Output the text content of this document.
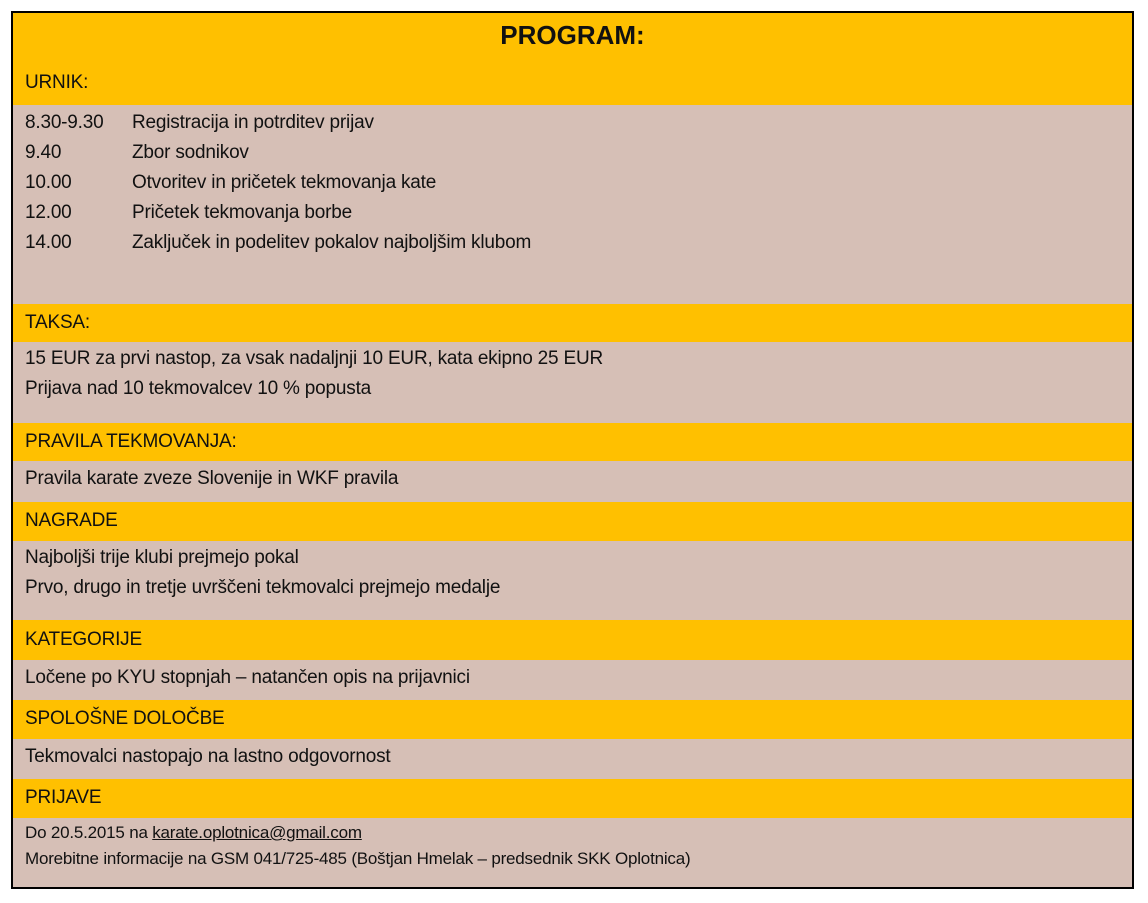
PROGRAM:
URNIK:
8.30-9.30 Registracija in potrditev prijav
9.40	Zbor sodnikov
10.00	Otvoritev in pričetek tekmovanja kate
12.00	Pričetek tekmovanja borbe
14.00	Zaključek in podelitev pokalov najboljšim klubom
TAKSA:
15 EUR za prvi nastop, za vsak nadaljnji 10 EUR, kata ekipno 25 EUR
Prijava nad 10 tekmovalcev 10 % popusta
PRAVILA TEKMOVANJA:
Pravila karate zveze Slovenije in WKF pravila
NAGRADE
Najboljši trije klubi prejmejo pokal
Prvo, drugo in tretje uvrščeni tekmovalci prejmejo medalje
KATEGORIJE
Ločene po KYU stopnjah – natančen opis na prijavnici
SPOLOŠNE DOLOČBE
Tekmovalci nastopajo na lastno odgovornost
PRIJAVE
Do 20.5.2015 na karate.oplotnica@gmail.com
Morebitne informacije na GSM 041/725-485 (Boštjan Hmelak – predsednik SKK Oplotnica)
